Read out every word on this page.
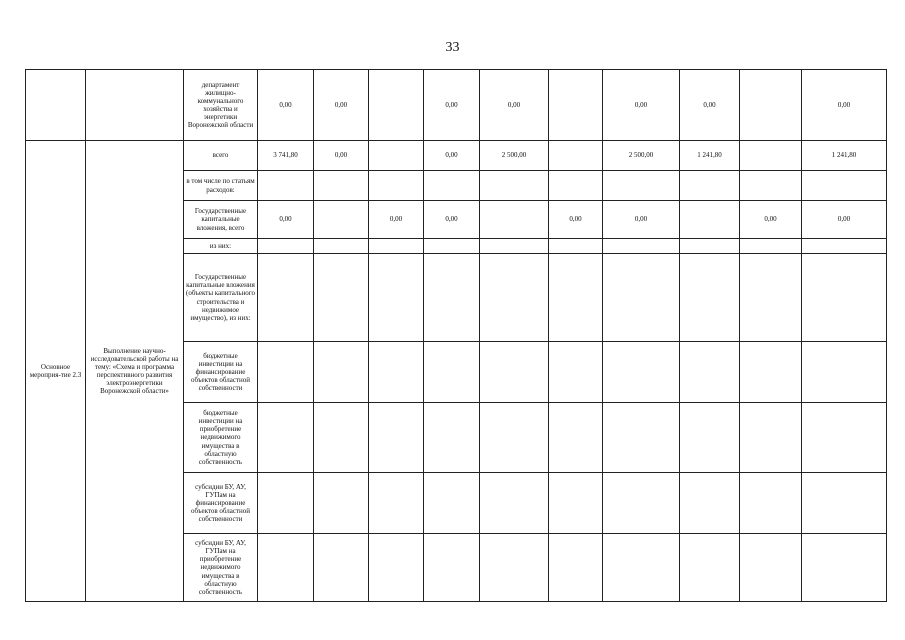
33
		департамент жилищно-коммунального хозяйства и энергетики Воронежской области	0,00	0,00		0,00	0,00		0,00	0,00		0,00
Основное мероприя-тие 2.3	Выполнение научно-исследовательской работы на тему: «Схема и программа перспективного развития электроэнергетики Воронежской области»	всего	3 741,80	0,00		0,00	2 500,00		2 500,00	1 241,80		1 241,80
		в том числе по статьям расходов:										
		Государственные капитальные вложения, всего	0,00		0,00	0,00		0,00	0,00		0,00	0,00
		из них:										
		Государственные капитальные вложения (объекты капитального строительства и недвижимое имущество), из них:										
		бюджетные инвестиции на финансирование объектов областной собственности										
		бюджетные инвестиции на приобретение недвижимого имущества в областную собственность										
		субсидии БУ, АУ, ГУПам на финансирование объектов областной собственности										
		субсидии БУ, АУ, ГУПам на приобретение недвижимого имущества в областную собственность										
